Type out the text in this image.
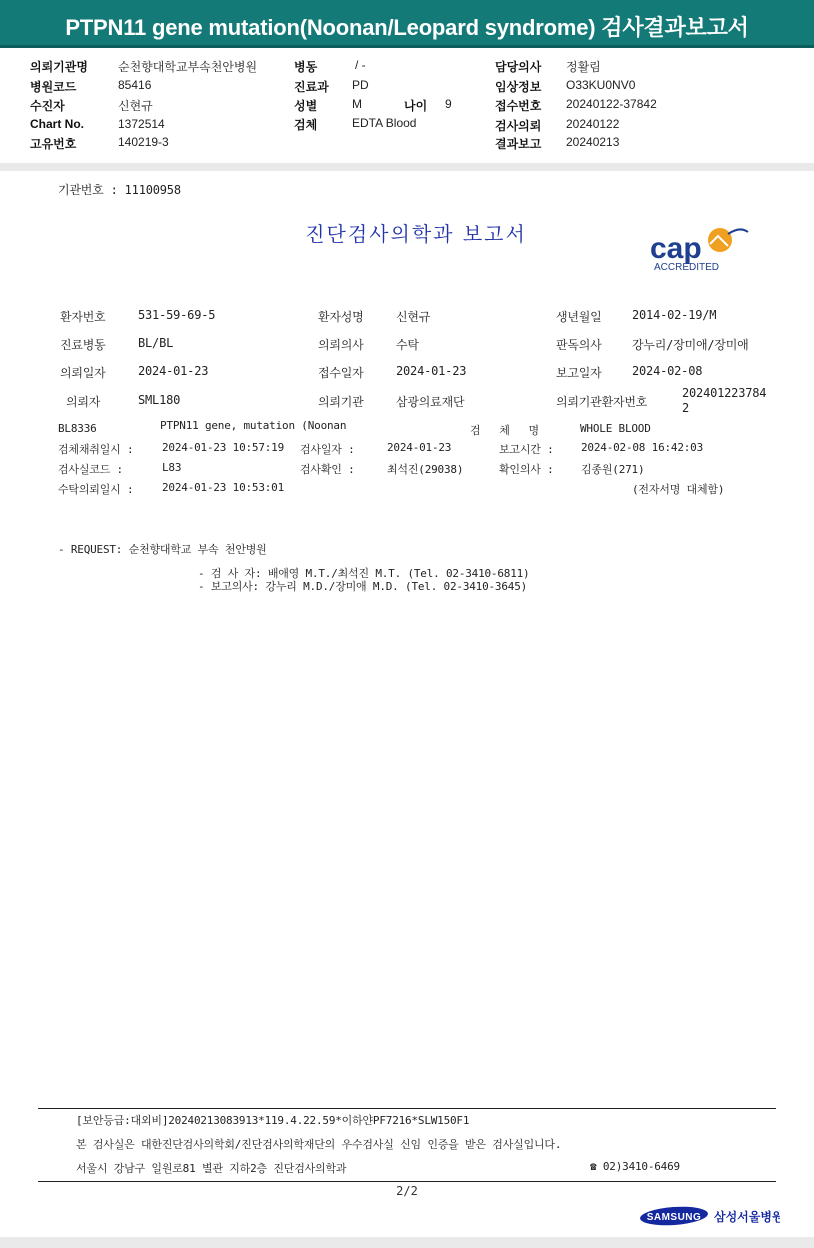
PTPN11 gene mutation(Noonan/Leopard syndrome) 검사결과보고서
의뢰기관명	순천향대학교부속천안병원
병원코드	85416
수진자	신현규
Chart No.	1372514
고유번호	140219-3
병동	/ -
진료과 PD
성별	M	나이 9
검체	EDTA Blood
담당의사 정활림
임상정보 O33KU0NV0
접수번호 20240122-37842
검사의뢰 20240122
결과보고 20240213
기관번호 : 11100958
진단검사의학과 보고서	cap
ACCREDITED
환자번호	531-59-69-5	환자성명	신현규	생년월일	2014-02-19/M
진료병동	BL/BL	의뢰의사	수탁	판독의사	강누리/장미애/장미애
의뢰일자	2024-01-23	접수일자	2024-01-23	보고일자	2024-02-08
의뢰자	SML180	의뢰기관	삼광의료재단	의뢰기관환자번호
202401223784
2
BL8336	PTPN11 gene, mutation (Noonan	검 체 명	WHOLE BLOOD
검체채취일시 :	2024-01-23 10:57:19 검사일자 :	2024-01-23	보고시간 : 2024-02-08 16:42:03
검사실코드 :	L83	검사확인 :	최석진(29038)	확인의사 : 김종원(271)
수탁의뢰일시 :	2024-01-23 10:53:01	(전자서명 대체함)
- REQUEST: 순천향대학교 부속 천안병원
- 검 사 자: 배애영 M.T./최석진 M.T. (Tel. 02-3410-6811)
- 보고의사: 강누리 M.D./장미애 M.D. (Tel. 02-3410-3645)
[보안등급:대외비]20240213083913*119.4.22.59*이하얀PF7216*SLW150F1
본 검사실은 대한진단검사의학회/진단검사의학재단의 우수검사실 신임 인증을 받은 검사실입니다.
서울시 강남구 일원로81 별관 지하2층 진단검사의학과	☎ 02)3410-6469
2/2
SAMSUNG 삼성서울병원
